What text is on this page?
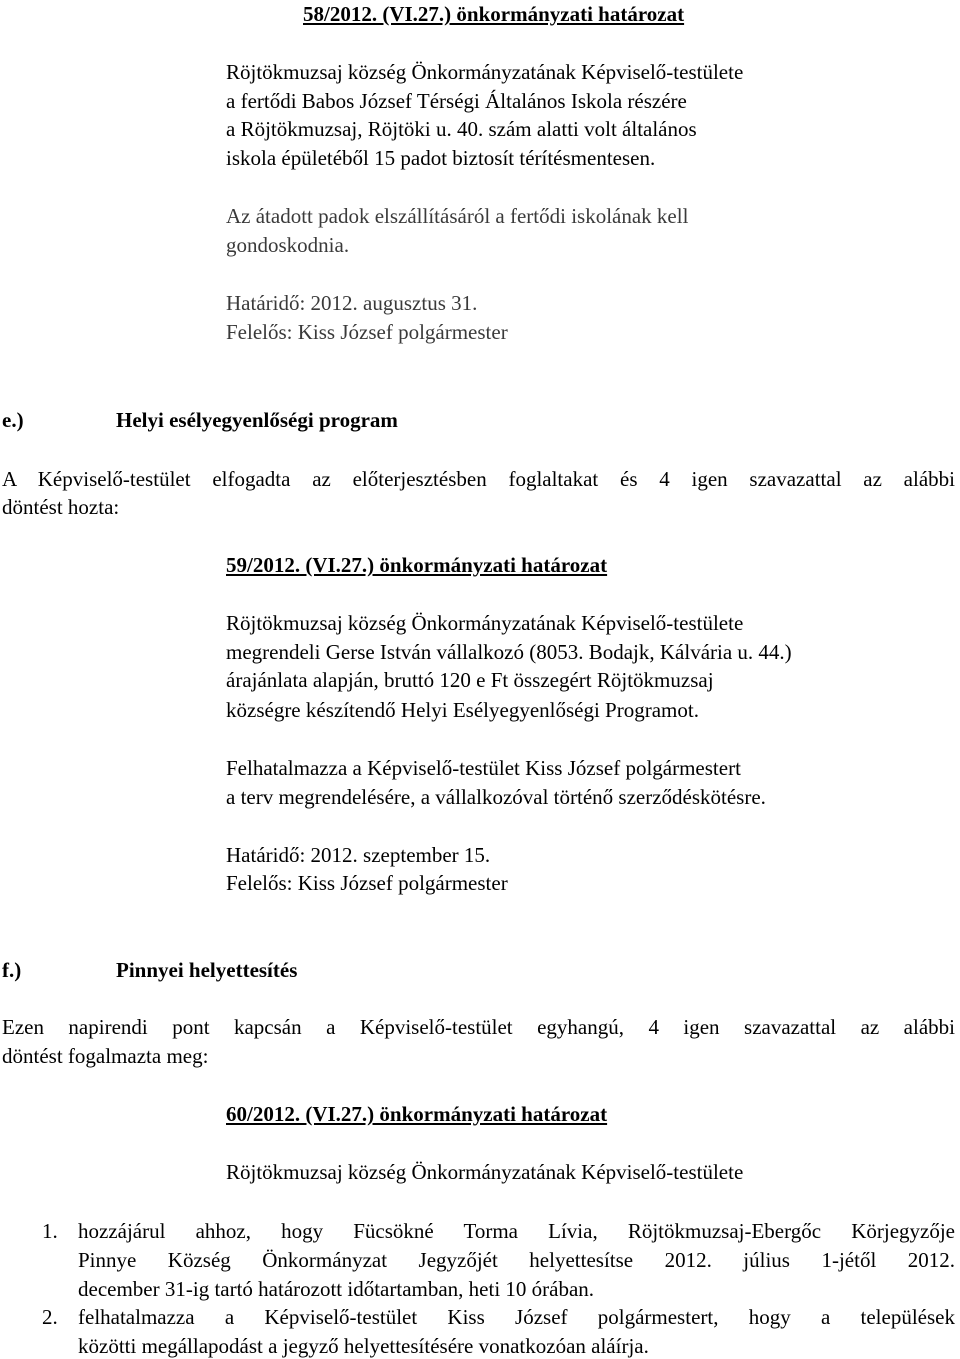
58/2012. (VI.27.) önkormányzati határozat
Röjtökmuzsaj község Önkormányzatának Képviselő-testülete
a fertődi Babos József Térségi Általános Iskola részére
a Röjtökmuzsaj, Röjtöki u. 40. szám alatti volt általános
iskola épületéből 15 padot biztosít térítésmentesen.
Az átadott padok elszállításáról a fertődi iskolának kell
gondoskodnia.
Határidő: 2012. augusztus 31.
Felelős: Kiss József polgármester
e.)	Helyi esélyegyenlőségi program
A Képviselő-testület elfogadta az előterjesztésben foglaltakat és 4 igen szavazattal az alábbi
döntést hozta:
59/2012. (VI.27.) önkormányzati határozat
Röjtökmuzsaj község Önkormányzatának Képviselő-testülete
megrendeli Gerse István vállalkozó (8053. Bodajk, Kálvária u. 44.)
árajánlata alapján, bruttó 120 e Ft összegért Röjtökmuzsaj
községre készítendő Helyi Esélyegyenlőségi Programot.
Felhatalmazza a Képviselő-testület Kiss József polgármestert
a terv megrendelésére, a vállalkozóval történő szerződéskötésre.
Határidő: 2012. szeptember 15.
Felelős: Kiss József polgármester
f.)	Pinnyei helyettesítés
Ezen napirendi pont kapcsán a Képviselő-testület egyhangú, 4 igen szavazattal az alábbi
döntést fogalmazta meg:
60/2012. (VI.27.) önkormányzati határozat
Röjtökmuzsaj község Önkormányzatának Képviselő-testülete
1. hozzájárul ahhoz, hogy Fücsökné Torma Lívia, Röjtökmuzsaj-Ebergőc Körjegyzője
Pinnye Község Önkormányzat Jegyzőjét helyettesítse 2012. július 1-jétől 2012.
december 31-ig tartó határozott időtartamban, heti 10 órában.
2. felhatalmazza a Képviselő-testület Kiss József polgármestert, hogy a települések
közötti megállapodást a jegyző helyettesítésére vonatkozóan aláírja.
